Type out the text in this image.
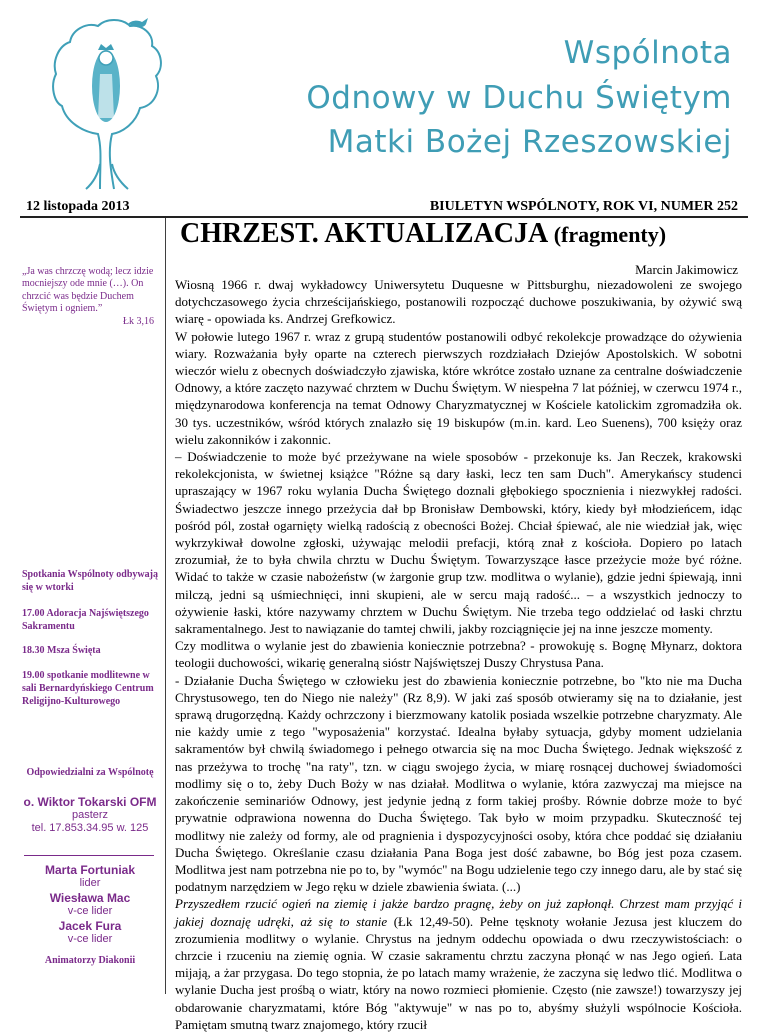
Wspólnota
Odnowy w Duchu Świętym
Matki Bożej Rzeszowskiej
12 listopada 2013	BIULETYN WSPÓLNOTY, ROK VI, NUMER 252
CHRZEST. AKTUALIZACJA (fragmenty)
„Ja was chrzczę wodą; lecz idzie mocniejszy ode mnie (…). On chrzcić was będzie Duchem Świętym i ogniem.”
Łk 3,16
Spotkania Wspólnoty odbywają się w wtorki
17.00 Adoracja Najświętszego Sakramentu
18.30 Msza Święta
19.00 spotkanie modlitewne w sali Bernardyńskiego Centrum Religijno-Kulturowego
Odpowiedzialni za Wspólnotę
o. Wiktor Tokarski OFM
pasterz
tel. 17.853.34.95 w. 125
Marta Fortuniak
lider
Wiesława Mac
v-ce lider
Jacek Fura
v-ce lider
Animatorzy Diakonii
Marcin Jakimowicz

Wiosną 1966 r. dwaj wykładowcy Uniwersytetu Duquesne w Pittsburghu, niezadowoleni ze swojego dotychczasowego życia chrześcijańskiego, postanowili rozpocząć duchowe poszukiwania, by ożywić swą wiarę - opowiada ks. Andrzej Grefkowicz.

W połowie lutego 1967 r. wraz z grupą studentów postanowili odbyć rekolekcje prowadzące do ożywienia wiary. Rozważania były oparte na czterech pierwszych rozdziałach Dziejów Apostolskich. W sobotni wieczór wielu z obecnych doświadczyło zjawiska, które wkrótce zostało uznane za centralne doświadczenie Odnowy, a które zaczęto nazywać chrztem w Duchu Świętym. W niespełna 7 lat później, w czerwcu 1974 r., międzynarodowa konferencja na temat Odnowy Charyzmatycznej w Kościele katolickim zgromadziła ok. 30 tys. uczestników, wśród których znalazło się 19 biskupów (m.in. kard. Leo Suenens), 700 księży oraz wielu zakonników i zakonnic.

– Doświadczenie to może być przeżywane na wiele sposobów - przekonuje ks. Jan Reczek, krakowski rekolekcjonista, w świetnej książce "Różne są dary łaski, lecz ten sam Duch". Amerykańscy studenci upraszający w 1967 roku wylania Ducha Świętego doznali głębokiego spocznienia i niezwykłej radości. Świadectwo jeszcze innego przeżycia dał bp Bronisław Dembowski, który, kiedy był młodzieńcem, idąc pośród pól, został ogarnięty wielką radością z obecności Bożej. Chciał śpiewać, ale nie wiedział jak, więc wykrzykiwał dowolne zgłoski, używając melodii prefacji, którą znał z kościoła. Dopiero po latach zrozumiał, że to była chwila chrztu w Duchu Świętym. Towarzyszące łasce przeżycie może być różne. Widać to także w czasie nabożeństw (w żargonie grup tzw. modlitwa o wylanie), gdzie jedni śpiewają, inni milczą, jedni są uśmiechnięci, inni skupieni, ale w sercu mają radość... – a wszystkich jednoczy to ożywienie łaski, które nazywamy chrztem w Duchu Świętym. Nie trzeba tego oddzielać od łaski chrztu sakramentalnego. Jest to nawiązanie do tamtej chwili, jakby rozciągnięcie jej na inne jeszcze momenty.

Czy modlitwa o wylanie jest do zbawienia koniecznie potrzebna? - prowokuję s. Bognę Młynarz, doktora teologii duchowości, wikarię generalną sióstr Najświętszej Duszy Chrystusa Pana.

- Działanie Ducha Świętego w człowieku jest do zbawienia koniecznie potrzebne, bo "kto nie ma Ducha Chrystusowego, ten do Niego nie należy" (Rz 8,9). W jaki zaś sposób otwieramy się na to działanie, jest sprawą drugorzędną. Każdy ochrzczony i bierzmowany katolik posiada wszelkie potrzebne charyzmaty. Ale nie każdy umie z tego "wyposażenia" korzystać. Idealna byłaby sytuacja, gdyby moment udzielania sakramentów był chwilą świadomego i pełnego otwarcia się na moc Ducha Świętego. Jednak większość z nas przeżywa to trochę "na raty", tzn. w ciągu swojego życia, w miarę rosnącej duchowej świadomości modlimy się o to, żeby Duch Boży w nas działał. Modlitwa o wylanie, która zazwyczaj ma miejsce na zakończenie seminariów Odnowy, jest jedynie jedną z form takiej prośby. Równie dobrze może to być prywatnie odprawiona nowenna do Ducha Świętego. Tak było w moim przypadku. Skuteczność tej modlitwy nie zależy od formy, ale od pragnienia i dyspozycyjności osoby, która chce poddać się działaniu Ducha Świętego. Określanie czasu działania Pana Boga jest dość zabawne, bo Bóg jest poza czasem. Modlitwa jest nam potrzebna nie po to, by "wymóc" na Bogu udzielenie tego czy innego daru, ale by stać się podatnym narzędziem w Jego ręku w dziele zbawienia świata. (...)

Przyszedłem rzucić ogień na ziemię i jakże bardzo pragnę, żeby on już zapłonął. Chrzest mam przyjąć i jakiej doznaję udręki, aż się to stanie (Łk 12,49-50). Pełne tęsknoty wołanie Jezusa jest kluczem do zrozumienia modlitwy o wylanie. Chrystus na jednym oddechu opowiada o dwu rzeczywistościach: o chrzcie i rzuceniu na ziemię ognia. W czasie sakramentu chrztu zaczyna płonąć w nas Jego ogień. Lata mijają, a żar przygasa. Do tego stopnia, że po latach mamy wrażenie, że zaczyna się ledwo tlić. Modlitwa o wylanie Ducha jest prośbą o wiatr, który na nowo rozmieci płomienie. Często (nie zawsze!) towarzyszy jej obdarowanie charyzmatami, które Bóg "aktywuje" w nas po to, abyśmy służyli wspólnocie Kościoła. Pamiętam smutną twarz znajomego, który rzucił
